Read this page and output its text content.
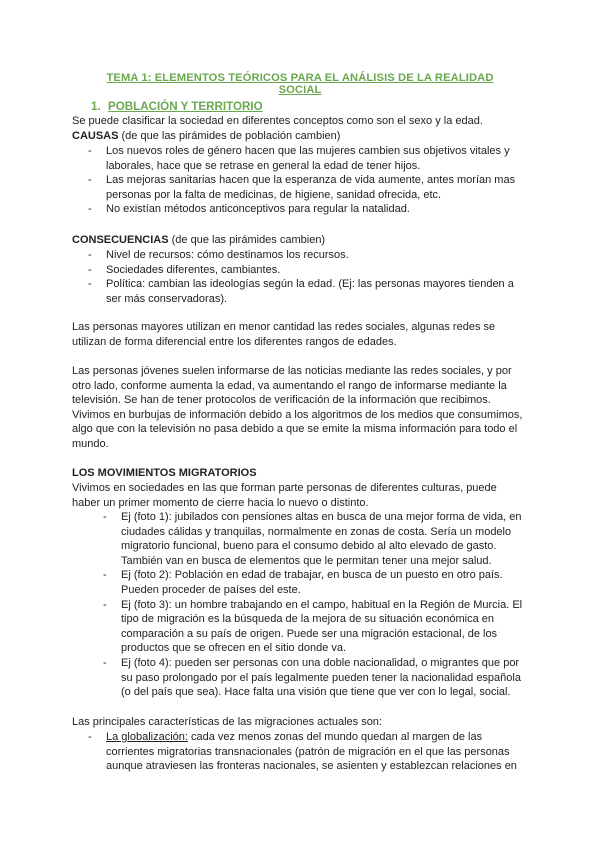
TEMA 1: ELEMENTOS TEÓRICOS PARA EL ANÁLISIS DE LA REALIDAD SOCIAL
1. POBLACIÓN Y TERRITORIO
Se puede clasificar la sociedad en diferentes conceptos como son el sexo y la edad.
CAUSAS (de que las pirámides de población cambien)
- Los nuevos roles de género hacen que las mujeres cambien sus objetivos vitales y laborales, hace que se retrase en general la edad de tener hijos.
- Las mejoras sanitarias hacen que la esperanza de vida aumente, antes morían mas personas por la falta de medicinas, de higiene, sanidad ofrecida, etc.
- No existían métodos anticonceptivos para regular la natalidad.
CONSECUENCIAS (de que las pirámides cambien)
- Nivel de recursos: cómo destinamos los recursos.
- Sociedades diferentes, cambiantes.
- Política: cambian las ideologías según la edad. (Ej: las personas mayores tienden a ser más conservadoras).
Las personas mayores utilizan en menor cantidad las redes sociales, algunas redes se utilizan de forma diferencial entre los diferentes rangos de edades.
Las personas jóvenes suelen informarse de las noticias mediante las redes sociales, y por otro lado, conforme aumenta la edad, va aumentando el rango de informarse mediante la televisión. Se han de tener protocolos de verificación de la información que recibimos. Vivimos en burbujas de información debido a los algoritmos de los medios que consumimos, algo que con la televisión no pasa debido a que se emite la misma información para todo el mundo.
LOS MOVIMIENTOS MIGRATORIOS
Vivimos en sociedades en las que forman parte personas de diferentes culturas, puede haber un primer momento de cierre hacia lo nuevo o distinto.
- Ej (foto 1): jubilados con pensiones altas en busca de una mejor forma de vida, en ciudades cálidas y tranquilas, normalmente en zonas de costa. Sería un modelo migratorio funcional, bueno para el consumo debido al alto elevado de gasto. También van en busca de elementos que le permitan tener una mejor salud.
- Ej (foto 2): Población en edad de trabajar, en busca de un puesto en otro país. Pueden proceder de países del este.
- Ej (foto 3): un hombre trabajando en el campo, habitual en la Región de Murcia. El tipo de migración es la búsqueda de la mejora de su situación económica en comparación a su país de origen. Puede ser una migración estacional, de los productos que se ofrecen en el sitio donde va.
- Ej (foto 4): pueden ser personas con una doble nacionalidad, o migrantes que por su paso prolongado por el país legalmente pueden tener la nacionalidad española (o del país que sea). Hace falta una visión que tiene que ver con lo legal, social.
Las principales características de las migraciones actuales son:
- La globalización: cada vez menos zonas del mundo quedan al margen de las corrientes migratorias transnacionales (patrón de migración en el que las personas aunque atraviesen las fronteras nacionales, se asienten y establezcan relaciones en
